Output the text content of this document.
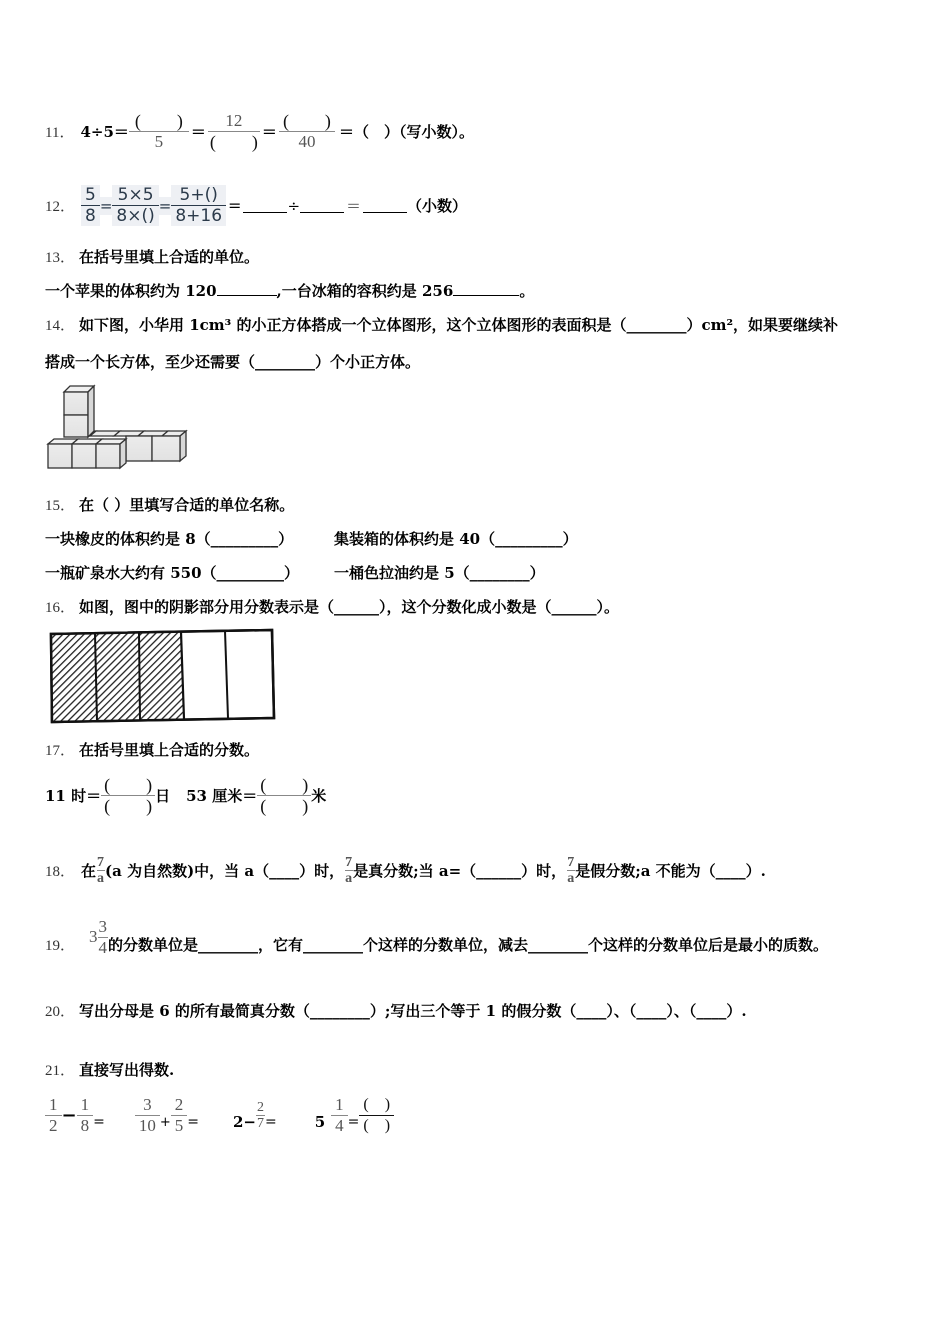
11． $4\div 5= \frac{( )}{5} = \frac{12}{( )} = \frac{( )}{40}$ ＝（　）（写小数）。
12． $\frac{5}{8} = \frac{5\times 5}{8\times()} = \frac{5+()}{8+16}$ =	÷	＝	（小数）
13． 在括号里填上合适的单位。
一个苹果的体积约为 120	,一台冰箱的容积约是 256	。
14． 如下图，小华用 1cm³ 的小正方体搭成一个立体图形，这个立体图形的表面积是（________）cm²，如果要继续补
搭成一个长方体，至少还需要（________）个小正方体。
15． 在（ ）里填写合适的单位名称。
一块橡皮的体积约是 8（_________）	集装箱的体积约是 40（_________）
一瓶矿泉水大约有 550（_________） 一桶色拉油约是 5（________）
16． 如图，图中的阴影部分用分数表示是（______），这个分数化成小数是（______）。
17． 在括号里填上合适的分数。
11 时＝ $\frac{( )}{( )}$ 日 53 厘米＝ $\frac{( )}{( )}$ 米
18． 在 $\frac{7}{a} (a$ 为自然数)中，当 a（____）时， $\frac{7}{a}$ 是真分数;当 a=（______）时， $\frac{7}{a}$ 是假分数;a 不能为（____）.
19． $3 \frac{3}{4}$ 的分数单位是________，它有________个这样的分数单位，减去________个这样的分数单位后是最小的质数。
20． 写出分母是 6 的所有最简真分数（________）;写出三个等于 1 的假分数（____）、（____）、（____）.
21． 直接写出得数.
$\frac{1}{2} - \frac{1}{8} = \frac{3}{10} + \frac{2}{5} = 2- \frac{2}{7}$ =	$5 \frac{1}{4} = \frac{( )}{( )}$
